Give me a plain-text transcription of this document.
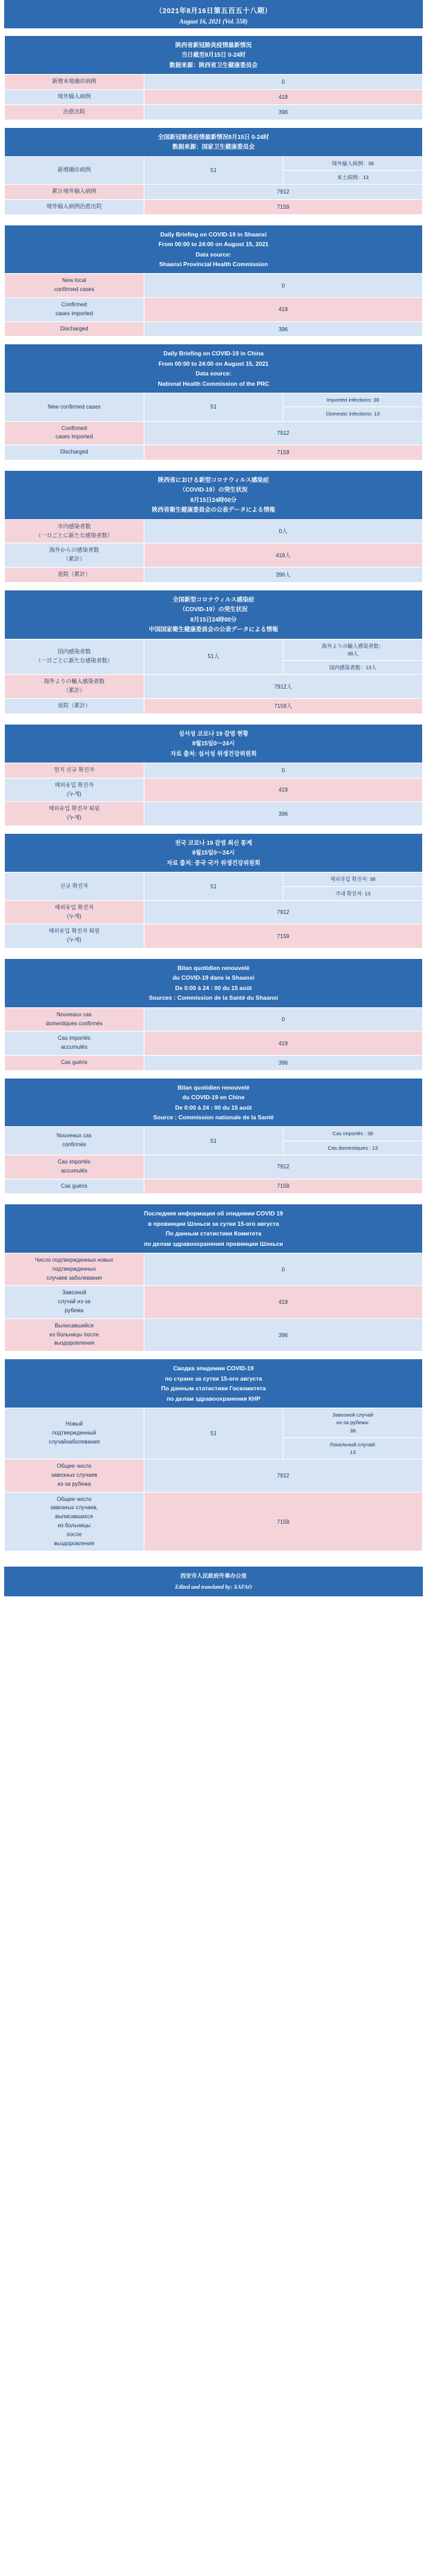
（2021年8月16日第五百五十八期）
August 16, 2021 (Vol. 558)
陕西省新冠肺炎疫情最新情况
当日截至8月15日 0-24时
数据来源：陕西省卫生健康委员会	

新增本地确诊病例	0

境外输入病例	419

治愈出院	396
全国新冠肺炎疫情最新情况8月15日 0-24时
数据来源：国家卫生健康委员会		

新增确诊病例	51	境外输入病例：38

		本土病例：13

累计境外输入病例	7912	

境外输入病例治愈出院	7159	
Daily Briefing on COVID-19 in Shaanxi
From 00:00 to 24:00 on August 15, 2021
Data source:
Shaanxi Provincial Health Commission	

New local
confirmed cases	0

Confirmed
cases imported	419

Discharged	396
Daily Briefing on COVID-19 in China
From 00:00 to 24:00 on August 15, 2021
Data source:
National Health Commission of the PRC		

New confirmed cases	51	Imported infections: 38

		Domestic infections: 13

Confirmed
cases imported	7912	

Discharged	7159	
陝西省における新型コロナウィルス感染症
（COVID-19）の発生状況
8月15日24時00分
陝西省衛生健康委員会の公表データによる情報	

市内感染者数
（一日ごとに新たな感染者数）	0人

海外からの感染者数
（累計）	419人

退院（累計）	396人
全国新型コロナウィルス感染症
（COVID-19）の発生状況
8月15日24時00分
中国国家衛生健康委員会の公表データによる情報		

国内感染者数
（一日ごとに新たな感染者数）
	51人	
海外よりの輸入感染者数：
38人

		国内感染者数：13人

海外よりの輸入感染者数
（累計）	7912人	

退院（累計）	7159人	
섬서성 코로나 19 감염 현황
8월15일0～24시
자료 출처: 섬서성 위생건강위원회	

현지 신규 확진자	0

해외유입 확진자
(누계)	419

해외유입 확진자 퇴원
(누계)	396
전국 코로나 19 감염 최신 통계
8월15일0～24시
자료 출처: 중국 국가 위생건강위원회		

신규 확진자	51	해외유입 확진자: 38

		국내 확진자: 13

해외유입 확진자
(누계)	7912	

해외유입 확진자 퇴원
(누계)	7159	
Bilan quotidien renouvelé
du COVID-19 dans le Shaanxi
De 0:00 à 24 : 00 du 15 août
Sources : Commission de la Santé du Shaanxi	

Nouveaux cas
domestiques confirmés	0

Cas importés
accumulés	419

Cas guéris	396
Bilan quotidien renouvelé
du COVID-19 en Chine
De 0:00 à 24 : 00 du 15 août
Source : Commission nationale de la Santé		

Nouveaux cas
confirmés	51	Cas importés : 38

		Cas domestiques : 13

Cas importés
accumulés	7912	

Cas guéris	7159	
Последняя информация об эпидемии COVID 19
в провинции Шэньси за сутки 15-ого августа
По данным статистики Комитета
по делам здравоохранения провинции Шэньси	

Число подтвержденных новых
подтвержденных
случаев заболевания	0

Завозной
случай из-за
рубежа	419

Выписавшийся
из больницы после
выздоровления	396
Сводка эпидемии COVID-19
по стране за сутки 15-ого августа
По данным статистики Госкомитета
по делам здравоохранения КНР		

Новый
подтвержденный
случайзаболевания
	51	
Завозной случай
из-за рубежа:
38

		Локальный случай:
13

Общее число
завозных случаев
из-за рубежа	7912	

Общее число
завозных случаев,
выписавшихся
из больницы
после
выздоровления
	7159
西安市人民政府外事办公室
Edited and translated by: XAFAO
